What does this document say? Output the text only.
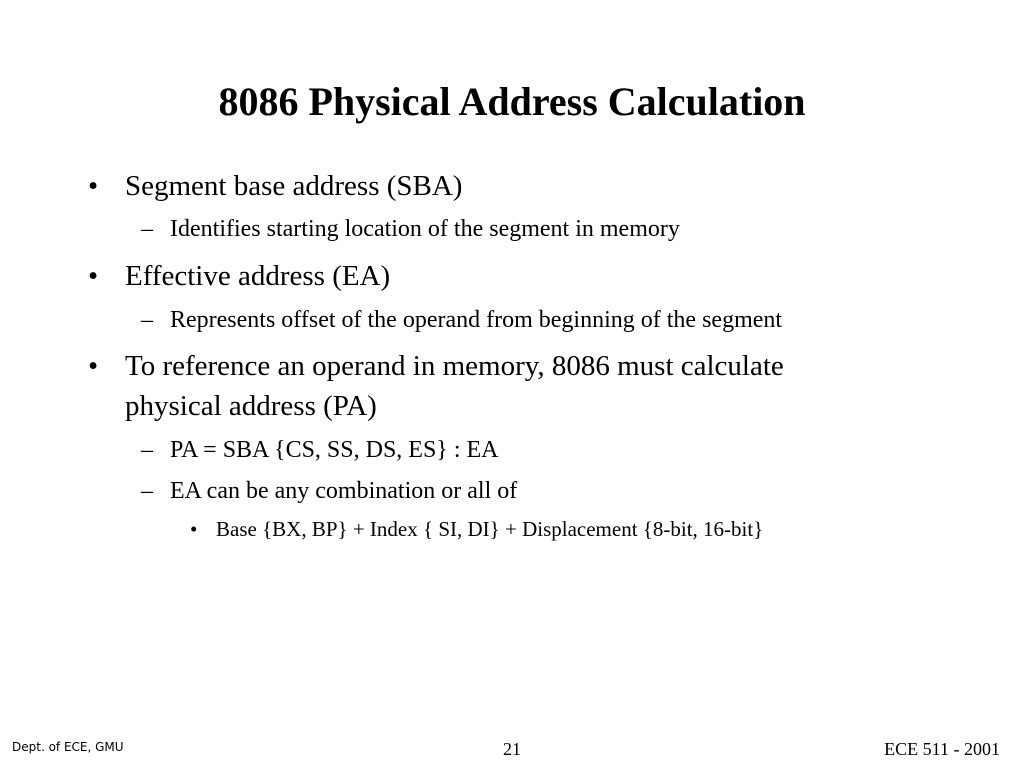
8086 Physical Address Calculation
• Segment base address (SBA)
– Identifies starting location of the segment in memory
• Effective address (EA)
– Represents offset of the operand from beginning of the segment
• To reference an operand in memory, 8086 must calculate
physical address (PA)
– PA = SBA {CS, SS, DS, ES} : EA
– EA can be any combination or all of
• Base {BX, BP} + Index { SI, DI} + Displacement {8-bit, 16-bit}
Dept. of ECE, GMU	21	ECE 511 - 2001
